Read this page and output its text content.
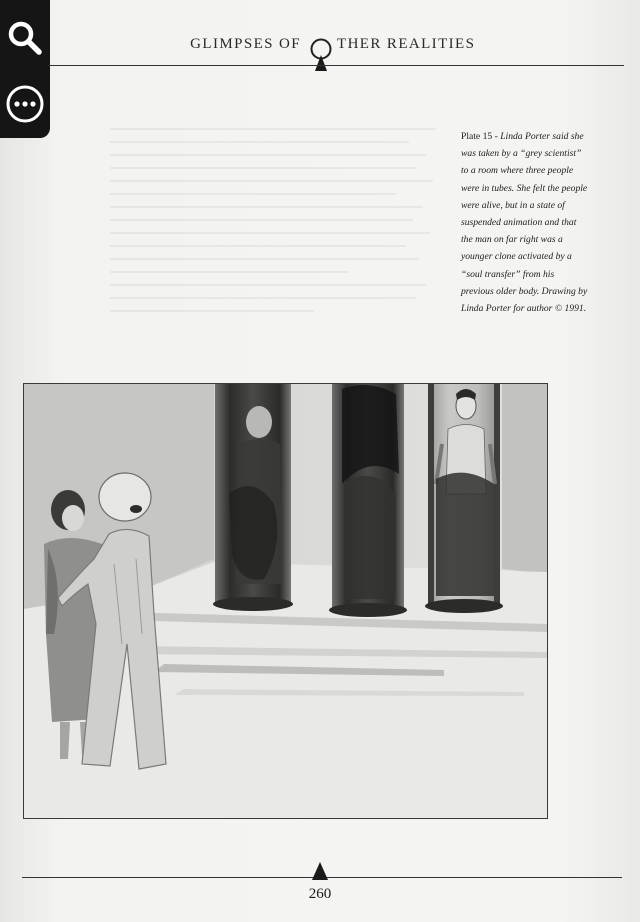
GLIMPSES OF THER REALITIES
Plate 15 - Linda Porter said she was taken by a “grey scientist” to a room where three people were in tubes. She felt the people were alive, but in a state of suspended animation and that the man on far right was a younger clone activated by a “soul transfer” from his previous older body. Drawing by Linda Porter for author © 1991.
260
